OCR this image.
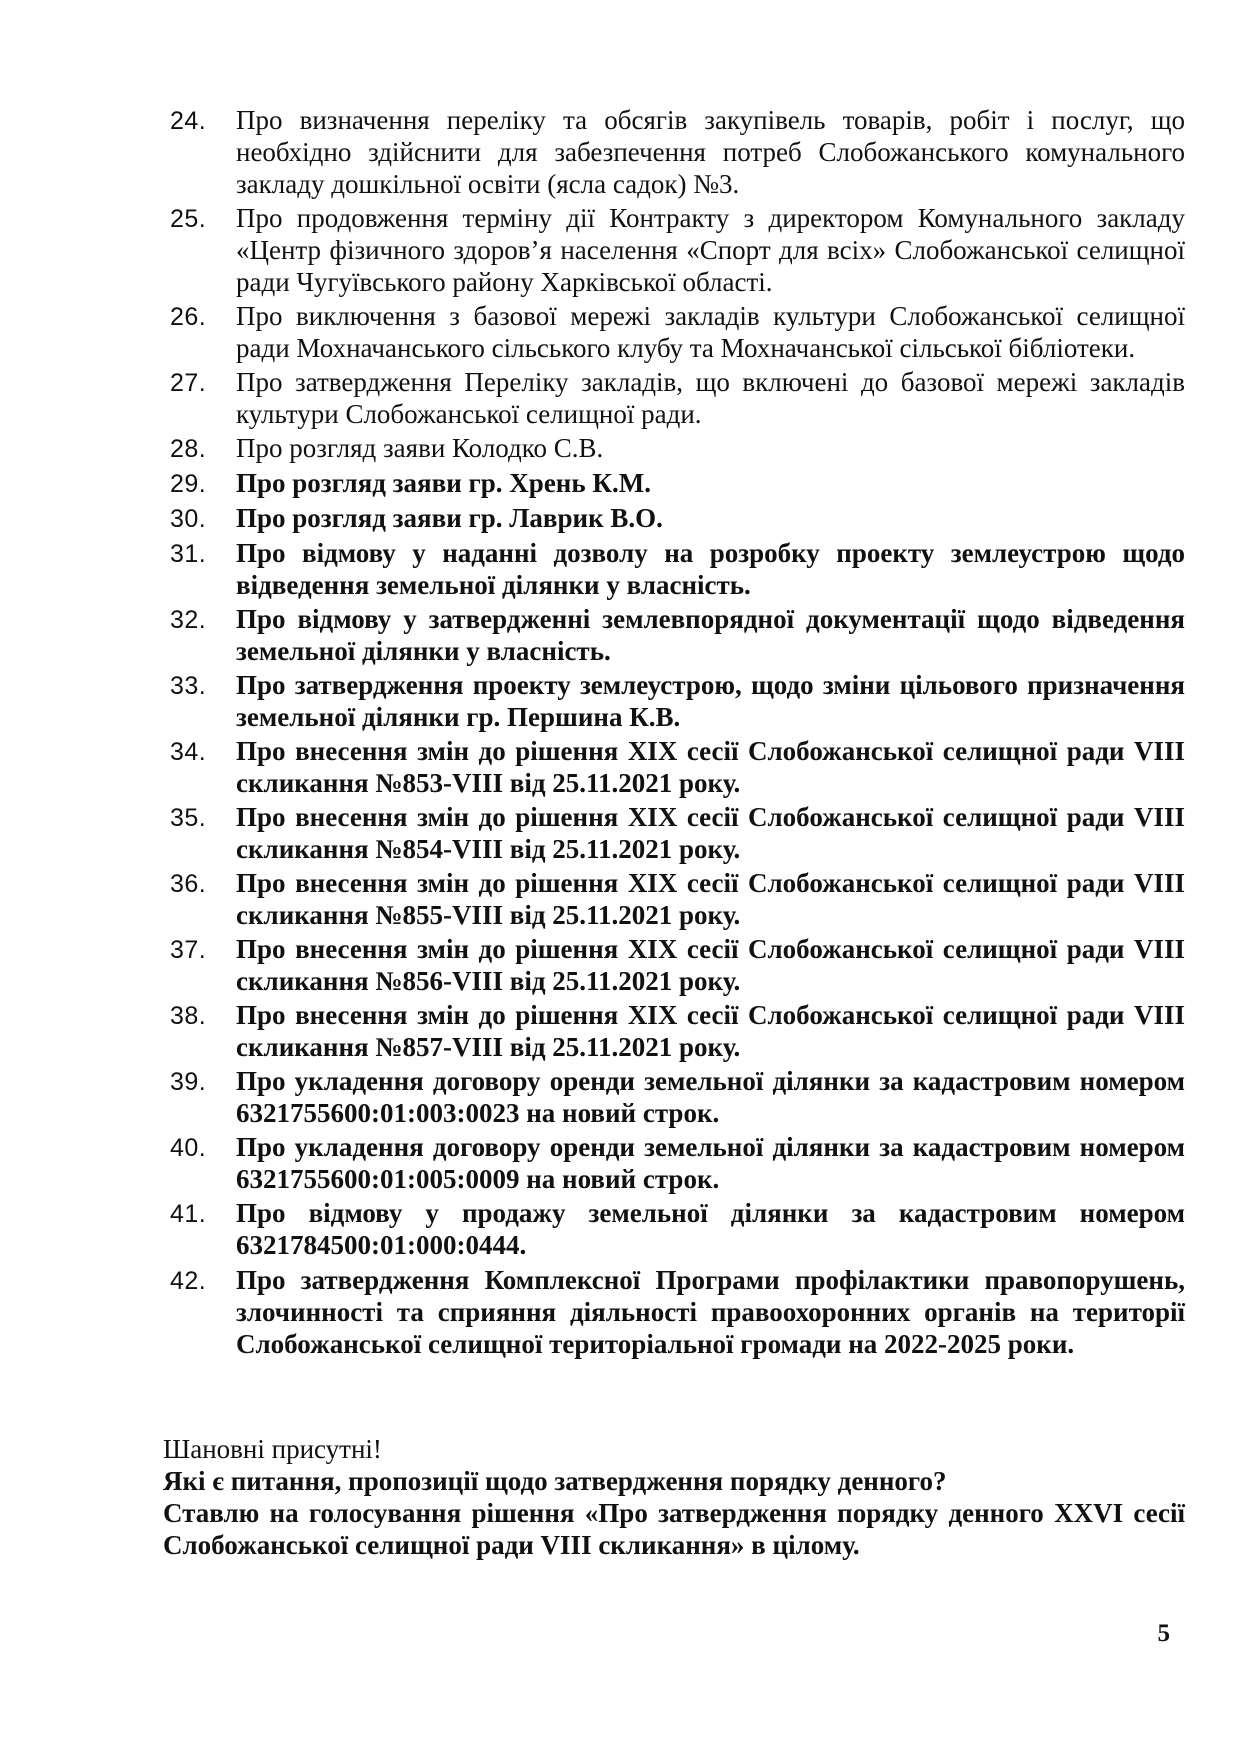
24.	Про визначення переліку та обсягів закупівель товарів, робіт і послуг, що необхідно здійснити для забезпечення потреб Слобожанського комунального закладу дошкільної освіти (ясла садок) №3.
25.	Про продовження терміну дії Контракту з директором Комунального закладу «Центр фізичного здоров’я населення «Спорт для всіх» Слобожанської селищної ради Чугуївського району Харківської області.
26.	Про виключення з базової мережі закладів культури Слобожанської селищної ради Мохначанського сільського клубу та Мохначанської сільської бібліотеки.
27.	Про затвердження Переліку закладів, що включені до базової мережі закладів культури Слобожанської селищної ради.
28.	Про розгляд заяви Колодко С.В.
29.	Про розгляд заяви гр. Хрень К.М.
30.	Про розгляд заяви гр. Лаврик В.О.
31.	Про відмову у наданні дозволу на розробку проекту землеустрою щодо відведення земельної ділянки у власність.
32.	Про відмову у затвердженні землевпорядної документації щодо відведення земельної ділянки у власність.
33.	Про затвердження проекту землеустрою, щодо зміни цільового призначення земельної ділянки гр. Першина К.В.
34.	Про внесення змін до рішення ХІХ сесії Слобожанської селищної ради VIII скликання №853-VIII від 25.11.2021 року.
35.	Про внесення змін до рішення ХІХ сесії Слобожанської селищної ради VIII скликання №854-VIII від 25.11.2021 року.
36.	Про внесення змін до рішення ХІХ сесії Слобожанської селищної ради VIII скликання №855-VIII від 25.11.2021 року.
37.	Про внесення змін до рішення ХІХ сесії Слобожанської селищної ради VIII скликання №856-VIII від 25.11.2021 року.
38.	Про внесення змін до рішення ХІХ сесії Слобожанської селищної ради VIII скликання №857-VIII від 25.11.2021 року.
39.	Про укладення договору оренди земельної ділянки за кадастровим номером 6321755600:01:003:0023 на новий строк.
40.	Про укладення договору оренди земельної ділянки за кадастровим номером 6321755600:01:005:0009 на новий строк.
41.	Про відмову у продажу земельної ділянки за кадастровим номером 6321784500:01:000:0444.
42.	Про затвердження Комплексної Програми профілактики правопорушень, злочинності та сприяння діяльності правоохоронних органів на території Слобожанської селищної територіальної громади на 2022-2025 роки.

Шановні присутні!

Які є питання, пропозиції щодо затвердження порядку денного?

Ставлю на голосування рішення «Про затвердження порядку денного XXVI сесії Слобожанської селищної ради VIII скликання» в цілому.

5
